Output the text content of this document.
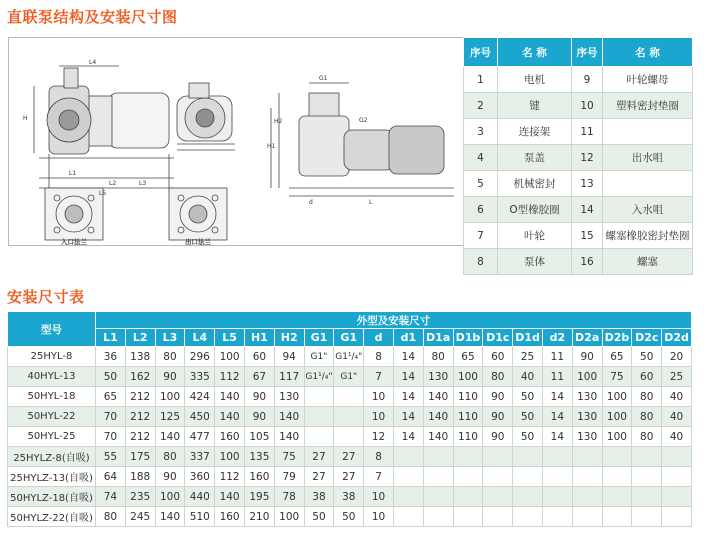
直联泵结构及安装尺寸图
入口法兰	出口法兰
L4
L1
L2	L3
L5
H
H1
H2
G1
G2
L
d
序号	名 称	序号	名 称
1	电机	9	叶轮螺母
2	键	10	塑料密封垫圈
3	连接架	11	
4	泵盖	12	出水咀
5	机械密封	13	
6	O型橡胶圈	14	入水咀
7	叶轮	15	螺塞橡胶密封垫圈
8	泵体	16	螺塞
安装尺寸表
型号	外型及安装尺寸																			
	L1	L2	L3	L4	L5	H1	H2	G1	G1	d	d1	D1a	D1b	D1c	D1d	d2	D2a	D2b	D2c	D2d
25HYL-8	36	138	80	296	100	60	94	G1"	G1¹/₄"	8	14	80	65	60	25	11	90	65	50	20
40HYL-13	50	162	90	335	112	67	117	G1¹/₄"	G1"	7	14	130	100	80	40	11	100	75	60	25
50HYL-18	65	212	100	424	140	90	130			10	14	140	110	90	50	14	130	100	80	40
50HYL-22	70	212	125	450	140	90	140			10	14	140	110	90	50	14	130	100	80	40
50HYL-25	70	212	140	477	160	105	140			12	14	140	110	90	50	14	130	100	80	40
25HYLZ-8(自吸)	55	175	80	337	100	135	75	27	27	8										
25HYLZ-13(自吸)	64	188	90	360	112	160	79	27	27	7										
50HYLZ-18(自吸)	74	235	100	440	140	195	78	38	38	10										
50HYLZ-22(自吸)	80	245	140	510	160	210	100	50	50	10										
